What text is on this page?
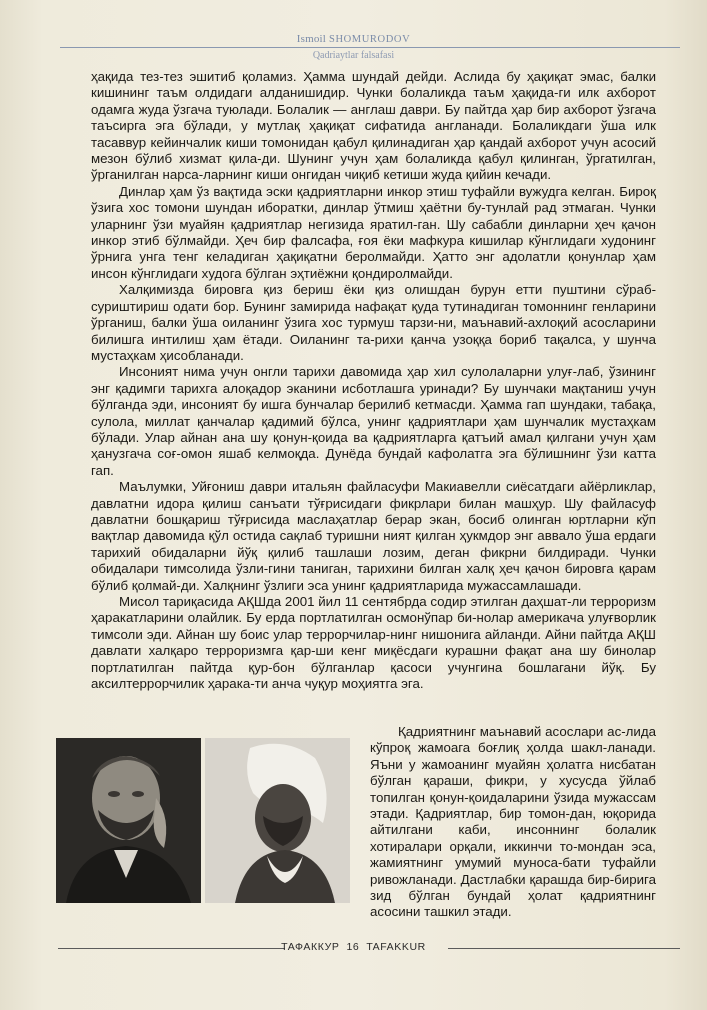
Ismoil SHOMURODOV
Qadriaytlar falsafasi

ҳақида тез-тез эшитиб қоламиз. Ҳамма шундай дейди. Аслида бу ҳақиқат эмас, балки кишининг таъм олдидаги алданишидир. Чунки болаликда таъм ҳақида-ги илк ахборот одамга жуда ўзгача туюлади. Болалик — англаш даври. Бу пайтда ҳар бир ахборот ўзгача таъсирга эга бўлади, у мутлақ ҳақиқат сифатида англанади. Болаликдаги ўша илк тасаввур кейинчалик киши томонидан қабул қилинадиган ҳар қандай ахборот учун асосий мезон бўлиб хизмат қила-ди. Шунинг учун ҳам болаликда қабул қилинган, ўргатилган, ўрганилган нарса-ларнинг киши онгидан чиқиб кетиши жуда қийин кечади.

Динлар ҳам ўз вақтида эски қадриятларни инкор этиш туфайли вужудга келган. Бироқ ўзига хос томони шундан иборатки, динлар ўтмиш ҳаётни бу-тунлай рад этмаган. Чунки уларнинг ўзи муайян қадриятлар негизида яратил-ган. Шу сабабли динларни ҳеч қачон инкор этиб бўлмайди. Ҳеч бир фалсафа, ғоя ёки мафкура кишилар кўнглидаги худонинг ўрнига унга тенг келадиган ҳақиқатни беролмайди. Ҳатто энг адолатли қонунлар ҳам инсон кўнглидаги худога бўлган эҳтиёжни қондиролмайди.

Халқимизда бировга қиз бериш ёки қиз олишдан бурун етти пуштини сўраб-суриштириш одати бор. Бунинг замирида нафақат қуда тутинадиган томоннинг генларини ўрганиш, балки ўша оиланинг ўзига хос турмуш тарзи-ни, маънавий-ахлоқий асосларини билишга интилиш ҳам ётади. Оиланинг та-рихи қанча узоққа бориб тақалса, у шунча мустаҳкам ҳисобланади.

Инсоният нима учун онгли тарихи давомида ҳар хил сулолаларни улуғ-лаб, ўзининг энг қадимги тарихга алоқадор эканини исботлашга уринади? Бу шунчаки мақтаниш учун бўлганда эди, инсоният бу ишга бунчалар берилиб кетмасди. Ҳамма гап шундаки, табақа, сулола, миллат қанчалар қадимий бўлса, унинг қадриятлари ҳам шунчалик мустаҳкам бўлади. Улар айнан ана шу қонун-қоида ва қадриятларга қатъий амал қилгани учун ҳам ҳанузгача соғ-омон яшаб келмоқда. Дунёда бундай кафолатга эга бўлишнинг ўзи катта гап.

Маълумки, Уйғониш даври итальян файласуфи Макиавелли сиёсатдаги айёрликлар, давлатни идора қилиш санъати тўғрисидаги фикрлари билан машҳур. Шу файласуф давлатни бошқариш тўғрисида маслаҳатлар берар экан, босиб олинган юртларни кўп вақтлар давомида қўл остида сақлаб туришни ният қилган ҳукмдор энг аввало ўша ердаги тарихий обидаларни йўқ қилиб ташлаши лозим, деган фикрни билдиради. Чунки обидалари тимсолида ўзли-гини таниган, тарихини билган халқ ҳеч қачон бировга қарам бўлиб қолмай-ди. Халқнинг ўзлиги эса унинг қадриятларида мужассамлашади.

Мисол тариқасида АҚШда 2001 йил 11 сентябрда содир этилган даҳшат-ли терроризм ҳаракатларини олайлик. Бу ерда портлатилган осмонўпар би-нолар америкача улуғворлик тимсоли эди. Айнан шу боис улар террорчилар-нинг нишонига айланди. Айни пайтда АҚШ давлати халқаро терроризмга қар-ши кенг миқёсдаги курашни фақат ана шу бинолар портлатилган пайтда қур-бон бўлганлар қасоси учунгина бошлагани йўқ. Бу аксилтеррорчилик ҳарака-ти анча чуқур моҳиятга эга.

Қадриятнинг маънавий асослари ас-лида кўпроқ жамоага боғлиқ ҳолда шакл-ланади. Яъни у жамоанинг муайян ҳолатга нисбатан бўлган қараши, фикри, у хусусда ўйлаб топилган қонун-қоидаларини ўзида мужассам этади. Қадриятлар, бир томон-дан, юқорида айтилгани каби, инсоннинг болалик хотиралари орқали, иккинчи то-мондан эса, жамиятнинг умумий муноса-бати туфайли ривожланади. Дастлабки қарашда бир-бирига зид бўлган бундай ҳолат қадриятнинг асосини ташкил этади.

ТАФАККУР  16  TAFAKKUR
